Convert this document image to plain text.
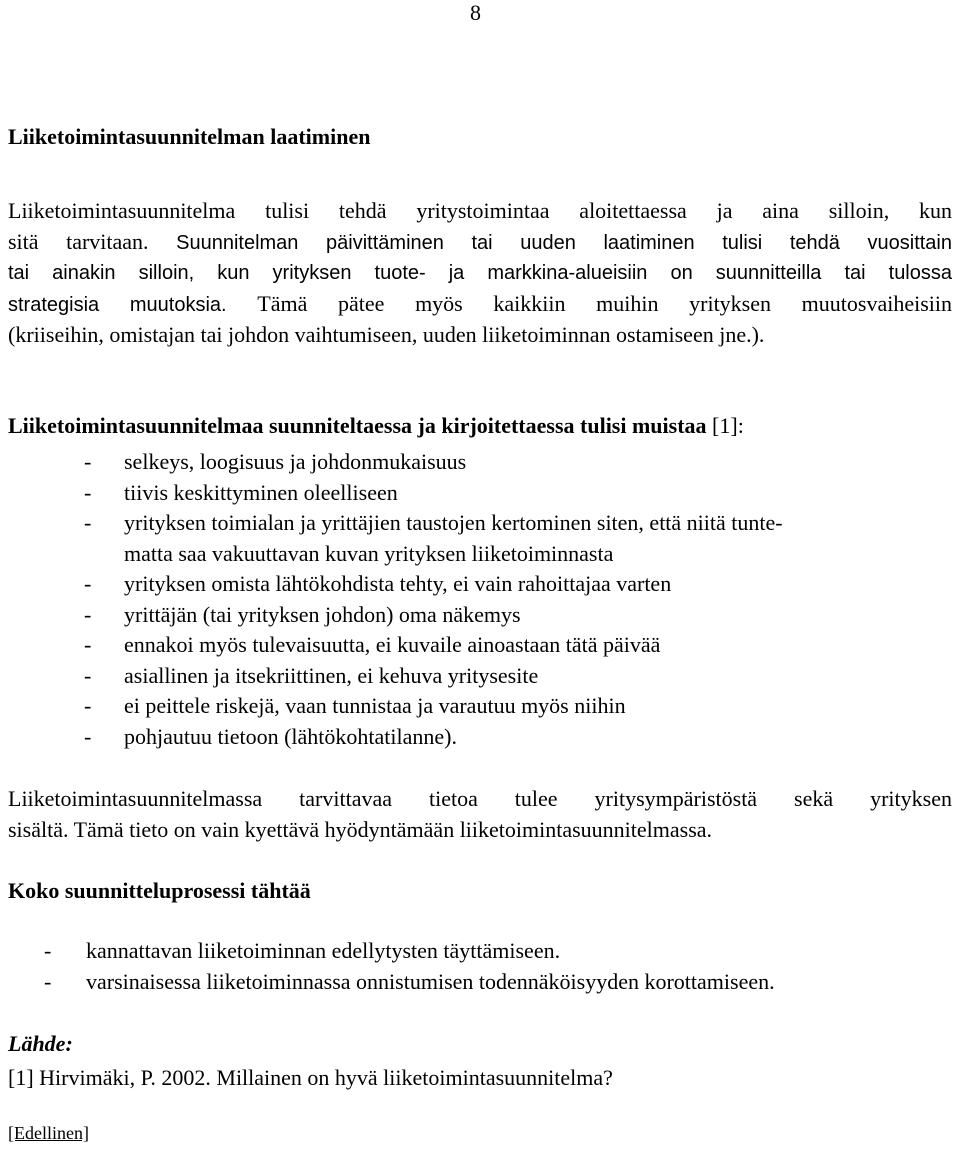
8
Liiketoimintasuunnitelman laatiminen
Liiketoimintasuunnitelma tulisi tehdä yritystoimintaa aloitettaessa ja aina silloin, kun
sitä tarvitaan. Suunnitelman päivittäminen tai uuden laatiminen tulisi tehdä vuosittain
tai ainakin silloin, kun yrityksen tuote- ja markkina-alueisiin on suunnitteilla tai tulossa
strategisia muutoksia. Tämä pätee myös kaikkiin muihin yrityksen muutosvaiheisiin
(kriiseihin, omistajan tai johdon vaihtumiseen, uuden liiketoiminnan ostamiseen jne.).

Liiketoimintasuunnitelmaa suunniteltaessa ja kirjoitettaessa tulisi muistaa [1]:

- selkeys, loogisuus ja johdonmukaisuus
- tiivis keskittyminen oleelliseen
- yrityksen toimialan ja yrittäjien taustojen kertominen siten, että niitä tunte-
matta saa vakuuttavan kuvan yrityksen liiketoiminnasta
- yrityksen omista lähtökohdista tehty, ei vain rahoittajaa varten
- yrittäjän (tai yrityksen johdon) oma näkemys
- ennakoi myös tulevaisuutta, ei kuvaile ainoastaan tätä päivää
- asiallinen ja itsekriittinen, ei kehuva yritysesite
- ei peittele riskejä, vaan tunnistaa ja varautuu myös niihin
- pohjautuu tietoon (lähtökohtatilanne).
Liiketoimintasuunnitelmassa tarvittavaa tietoa tulee yritysympäristöstä sekä yrityksen
sisältä. Tämä tieto on vain kyettävä hyödyntämään liiketoimintasuunnitelmassa.
Koko suunnitteluprosessi tähtää
- kannattavan liiketoiminnan edellytysten täyttämiseen.
- varsinaisessa liiketoiminnassa onnistumisen todennäköisyyden korottamiseen.
Lähde:
[1] Hirvimäki, P. 2002. Millainen on hyvä liiketoimintasuunnitelma?
[Edellinen]
